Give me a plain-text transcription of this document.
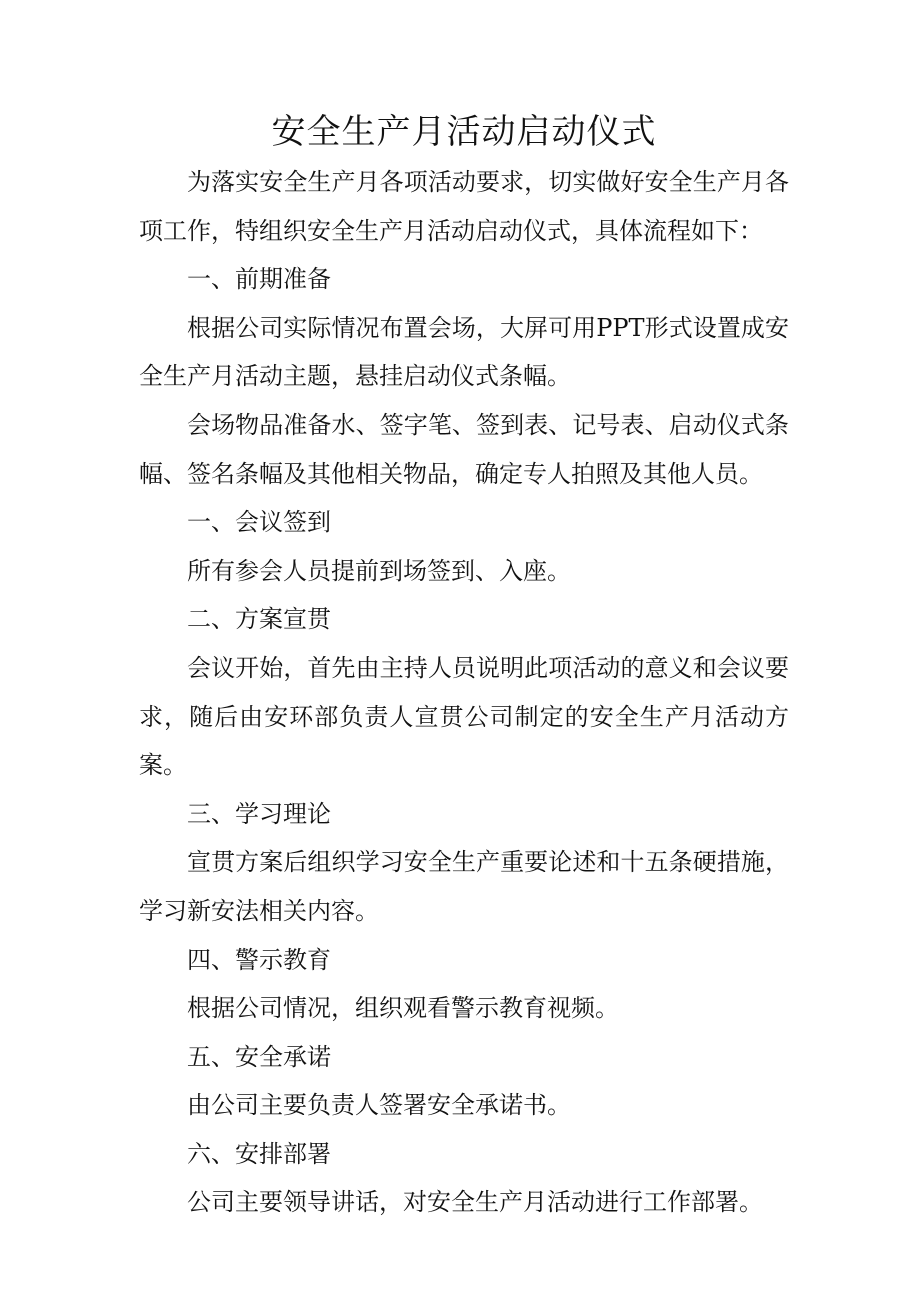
安全生产月活动启动仪式

为落实安全生产月各项活动要求，切实做好安全生产月各项工作，特组织安全生产月活动启动仪式，具体流程如下：

一、前期准备

根据公司实际情况布置会场，大屏可用PPT形式设置成安全生产月活动主题，悬挂启动仪式条幅。

会场物品准备水、签字笔、签到表、记号表、启动仪式条幅、签名条幅及其他相关物品，确定专人拍照及其他人员。

一、会议签到

所有参会人员提前到场签到、入座。

二、方案宣贯

会议开始，首先由主持人员说明此项活动的意义和会议要求，随后由安环部负责人宣贯公司制定的安全生产月活动方案。

三、学习理论

宣贯方案后组织学习安全生产重要论述和十五条硬措施，学习新安法相关内容。

四、警示教育

根据公司情况，组织观看警示教育视频。

五、安全承诺

由公司主要负责人签署安全承诺书。

六、安排部署

公司主要领导讲话，对安全生产月活动进行工作部署。
